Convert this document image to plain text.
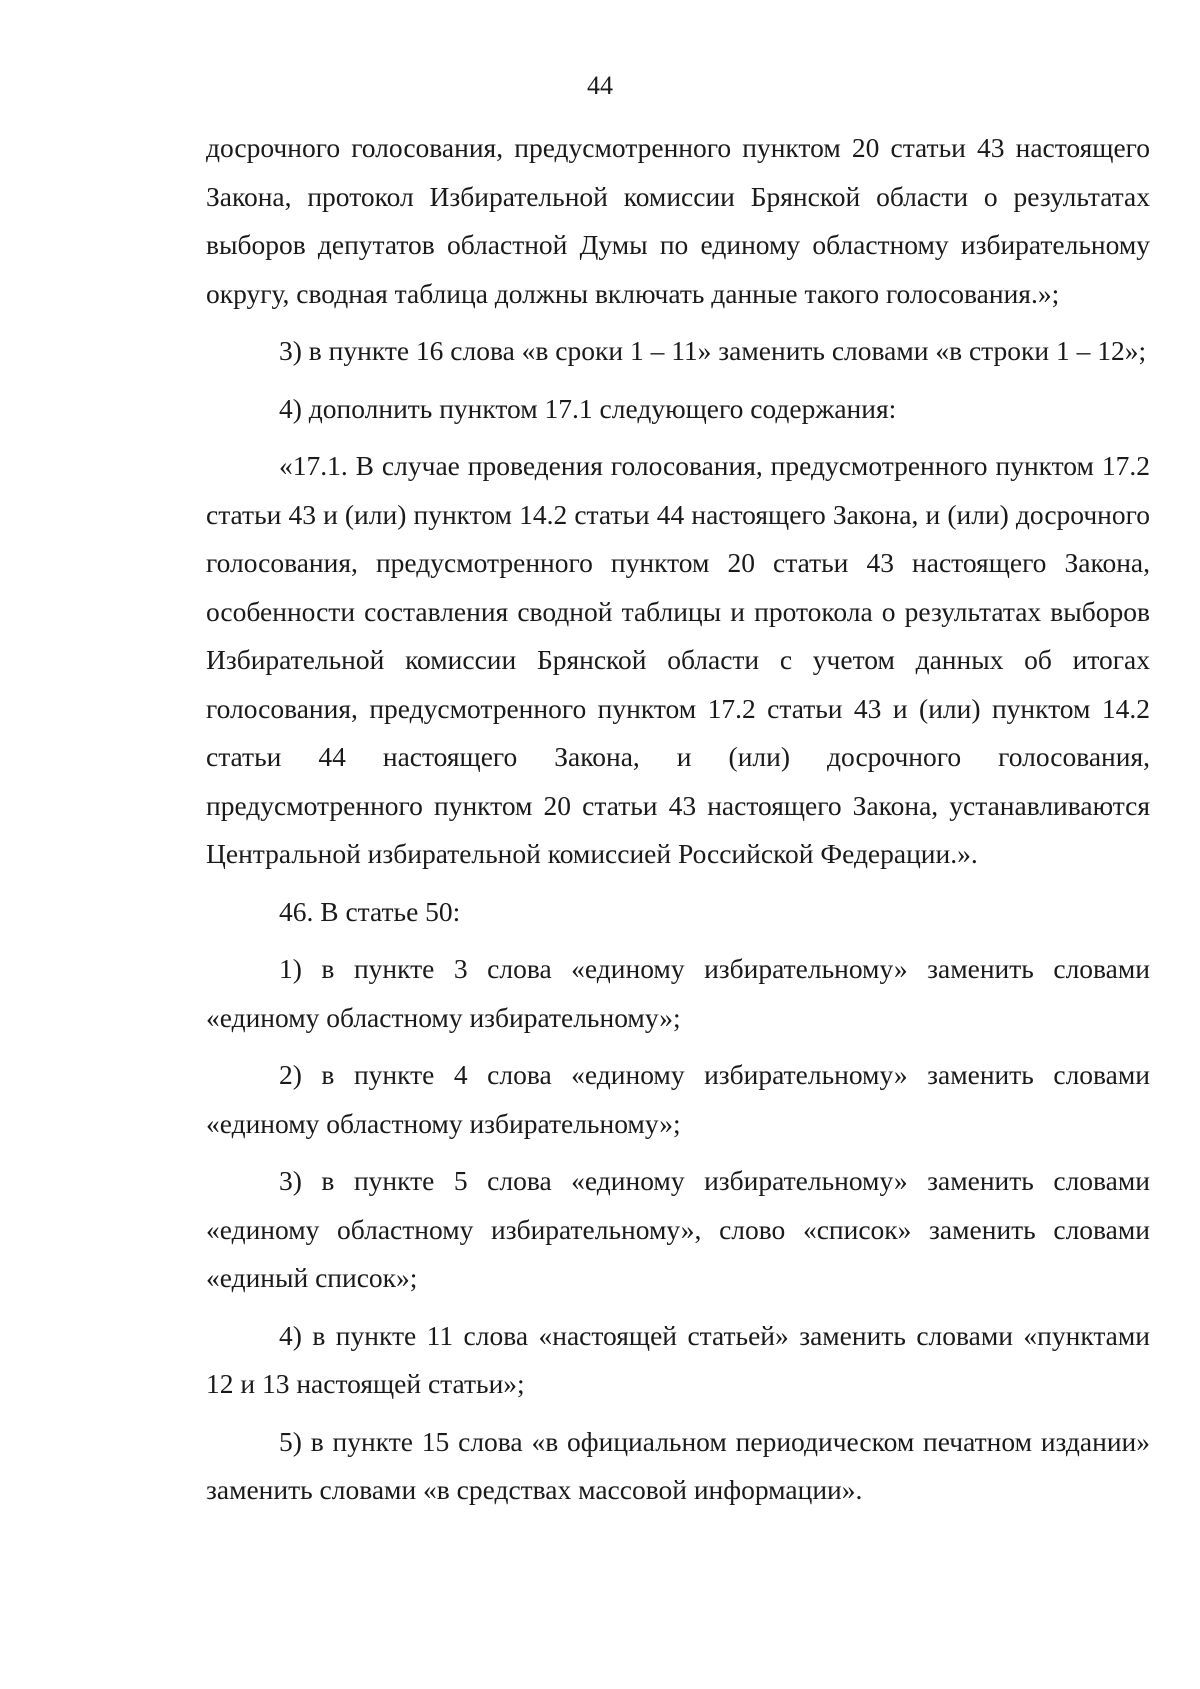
44

досрочного голосования, предусмотренного пунктом 20 статьи 43 настоящего Закона, протокол Избирательной комиссии Брянской области о результатах выборов депутатов областной Думы по единому областному избирательному округу, сводная таблица должны включать данные такого голосования.»;

3) в пункте 16 слова «в сроки 1 – 11» заменить словами «в строки 1 – 12»;

4) дополнить пунктом 17.1 следующего содержания:

«17.1. В случае проведения голосования, предусмотренного пунктом 17.2 статьи 43 и (или) пунктом 14.2 статьи 44 настоящего Закона, и (или) досрочного голосования, предусмотренного пунктом 20 статьи 43 настоящего Закона, особенности составления сводной таблицы и протокола о результатах выборов Избирательной комиссии Брянской области с учетом данных об итогах голосования, предусмотренного пунктом 17.2 статьи 43 и (или) пунктом 14.2 статьи 44 настоящего Закона, и (или) досрочного голосования, предусмотренного пунктом 20 статьи 43 настоящего Закона, устанавливаются Центральной избирательной комиссией Российской Федерации.».

46. В статье 50:

1) в пункте 3 слова «единому избирательному» заменить словами «единому областному избирательному»;

2) в пункте 4 слова «единому избирательному» заменить словами «единому областному избирательному»;

3) в пункте 5 слова «единому избирательному» заменить словами «единому областному избирательному», слово «список» заменить словами «единый список»;

4) в пункте 11 слова «настоящей статьей» заменить словами «пунктами 12 и 13 настоящей статьи»;

5) в пункте 15 слова «в официальном периодическом печатном издании» заменить словами «в средствах массовой информации».
